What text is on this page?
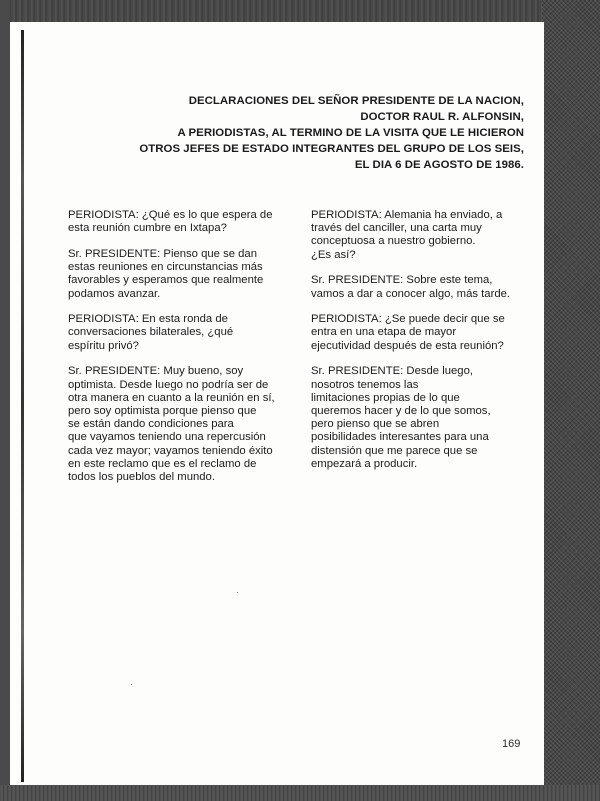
DECLARACIONES DEL SEÑOR PRESIDENTE DE LA NACION,
DOCTOR RAUL R. ALFONSIN,
A PERIODISTAS, AL TERMINO DE LA VISITA QUE LE HICIERON
OTROS JEFES DE ESTADO INTEGRANTES DEL GRUPO DE LOS SEIS,
EL DIA 6 DE AGOSTO DE 1986.
PERIODISTA: ¿Qué es lo que espera de
esta reunión cumbre en Ixtapa?
Sr. PRESIDENTE: Pienso que se dan
estas reuniones en circunstancias más
favorables y esperamos que realmente
podamos avanzar.
PERIODISTA: En esta ronda de
conversaciones bilaterales, ¿qué
espíritu privó?
Sr. PRESIDENTE: Muy bueno, soy
optimista. Desde luego no podría ser de
otra manera en cuanto a la reunión en sí,
pero soy optimista porque pienso que
se están dando condiciones para
que vayamos teniendo una repercusión
cada vez mayor; vayamos teniendo éxito
en este reclamo que es el reclamo de
todos los pueblos del mundo.
PERIODISTA: Alemania ha enviado, a
través del canciller, una carta muy
conceptuosa a nuestro gobierno.
¿Es así?
Sr. PRESIDENTE: Sobre este tema,
vamos a dar a conocer algo, más tarde.
PERIODISTA: ¿Se puede decir que se
entra en una etapa de mayor
ejecutividad después de esta reunión?
Sr. PRESIDENTE: Desde luego,
nosotros tenemos las
limitaciones propias de lo que
queremos hacer y de lo que somos,
pero pienso que se abren
posibilidades interesantes para una
distensión que me parece que se
empezará a producir.
169
